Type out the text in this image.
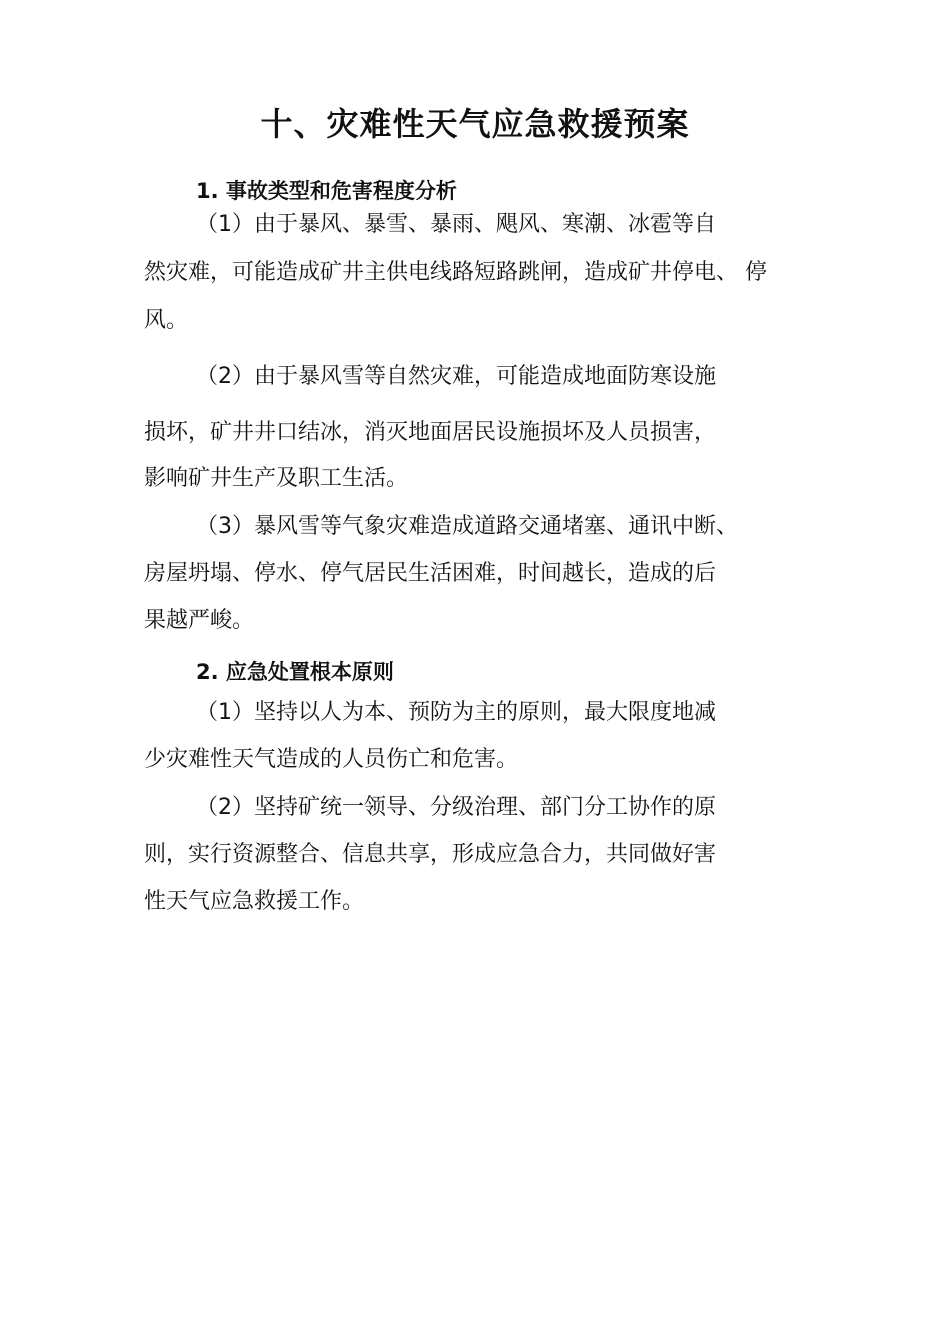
十、灾难性天气应急救援预案

1. 事故类型和危害程度分析

（1）由于暴风、暴雪、暴雨、飓风、寒潮、冰雹等自

然灾难，可能造成矿井主供电线路短路跳闸，造成矿井停电、 停

风。

（2）由于暴风雪等自然灾难，可能造成地面防寒设施

损坏，矿井井口结冰，消灭地面居民设施损坏及人员损害，

影响矿井生产及职工生活。

（3）暴风雪等气象灾难造成道路交通堵塞、通讯中断、

房屋坍塌、停水、停气居民生活困难，时间越长，造成的后

果越严峻。

2. 应急处置根本原则

（1）坚持以人为本、预防为主的原则，最大限度地减

少灾难性天气造成的人员伤亡和危害。

（2）坚持矿统一领导、分级治理、部门分工协作的原

则，实行资源整合、信息共享，形成应急合力，共同做好害

性天气应急救援工作。
